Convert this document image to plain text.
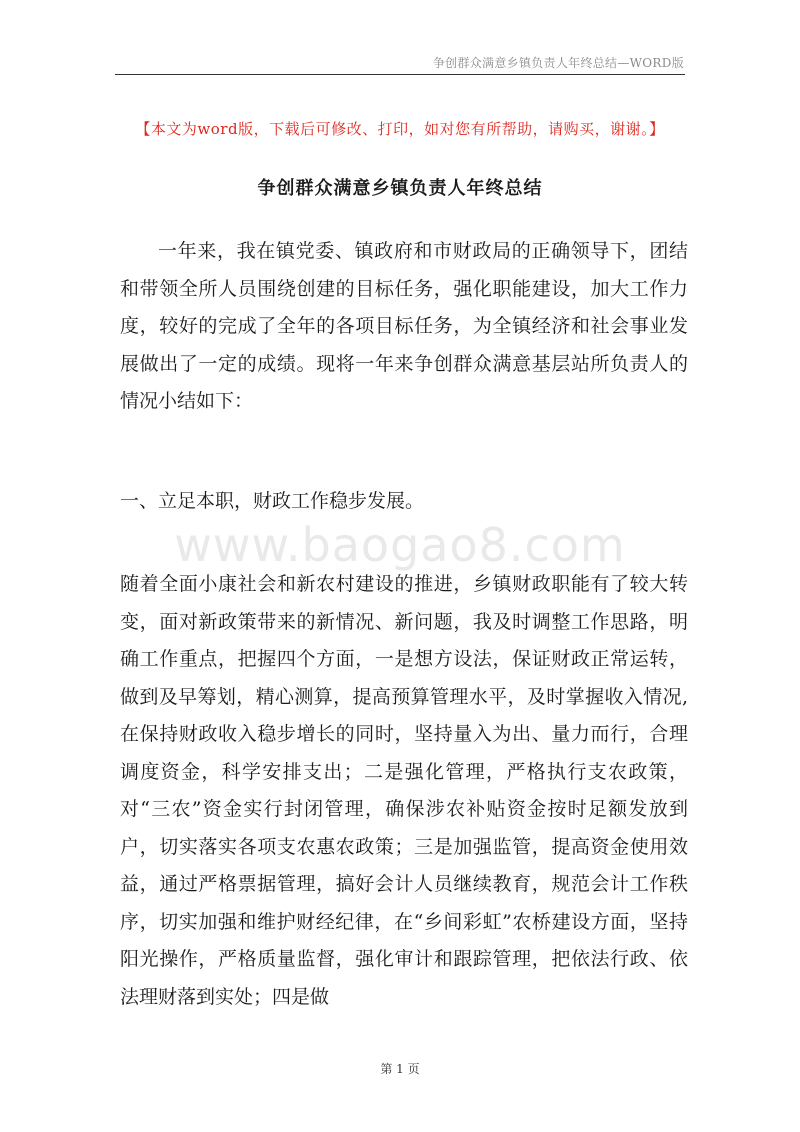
争创群众满意乡镇负责人年终总结—WORD版
【本文为word版，下载后可修改、打印，如对您有所帮助，请购买，谢谢。】
争创群众满意乡镇负责人年终总结

一年来，我在镇党委、镇政府和市财政局的正确领导下，团结和带领全所人员围绕创建的目标任务，强化职能建设，加大工作力度，较好的完成了全年的各项目标任务，为全镇经济和社会事业发展做出了一定的成绩。现将一年来争创群众满意基层站所负责人的情况小结如下：

一、立足本职，财政工作稳步发展。
www.baogao8.com

随着全面小康社会和新农村建设的推进，乡镇财政职能有了较大转变，面对新政策带来的新情况、新问题，我及时调整工作思路，明确工作重点，把握四个方面，一是想方设法，保证财政正常运转，做到及早筹划，精心测算，提高预算管理水平，及时掌握收入情况,在保持财政收入稳步增长的同时，坚持量入为出、量力而行，合理调度资金，科学安排支出；二是强化管理，严格执行支农政策，对“三农”资金实行封闭管理，确保涉农补贴资金按时足额发放到户，切实落实各项支农惠农政策；三是加强监管，提高资金使用效益，通过严格票据管理，搞好会计人员继续教育，规范会计工作秩序，切实加强和维护财经纪律，在“乡间彩虹”农桥建设方面，坚持阳光操作，严格质量监督，强化审计和跟踪管理，把依法行政、依法理财落到实处；四是做

第 1 页
